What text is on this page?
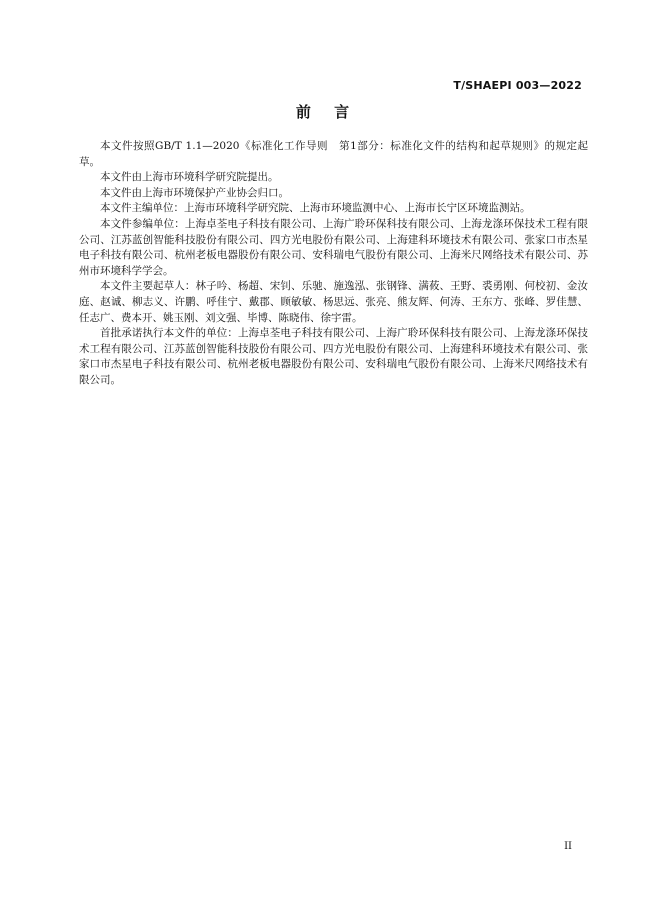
T/SHAEPI 003—2022
前 言

本文件按照GB/T 1.1—2020《标准化工作导则　第1部分：标准化文件的结构和起草规则》的规定起草。

本文件由上海市环境科学研究院提出。

本文件由上海市环境保护产业协会归口。

本文件主编单位：上海市环境科学研究院、上海市环境监测中心、上海市长宁区环境监测站。

本文件参编单位：上海卓荃电子科技有限公司、上海广聆环保科技有限公司、上海龙涤环保技术工程有限公司、江苏蓝创智能科技股份有限公司、四方光电股份有限公司、上海建科环境技术有限公司、张家口市杰星电子科技有限公司、杭州老板电器股份有限公司、安科瑞电气股份有限公司、上海米尺网络技术有限公司、苏州市环境科学学会。

本文件主要起草人：林子吟、杨超、宋钊、乐驰、施逸泓、张钢锋、满莜、王野、裘勇刚、何校初、金汝庭、赵诚、柳志义、许鹏、呼佳宁、戴郡、顾敏敏、杨思远、张亮、熊友辉、何涛、王东方、张峰、罗佳慧、任志广、费本开、姚玉刚、刘文强、毕博、陈晓伟、徐宇雷。

首批承诺执行本文件的单位：上海卓荃电子科技有限公司、上海广聆环保科技有限公司、上海龙涤环保技术工程有限公司、江苏蓝创智能科技股份有限公司、四方光电股份有限公司、上海建科环境技术有限公司、张家口市杰星电子科技有限公司、杭州老板电器股份有限公司、安科瑞电气股份有限公司、上海米尺网络技术有限公司。

II
